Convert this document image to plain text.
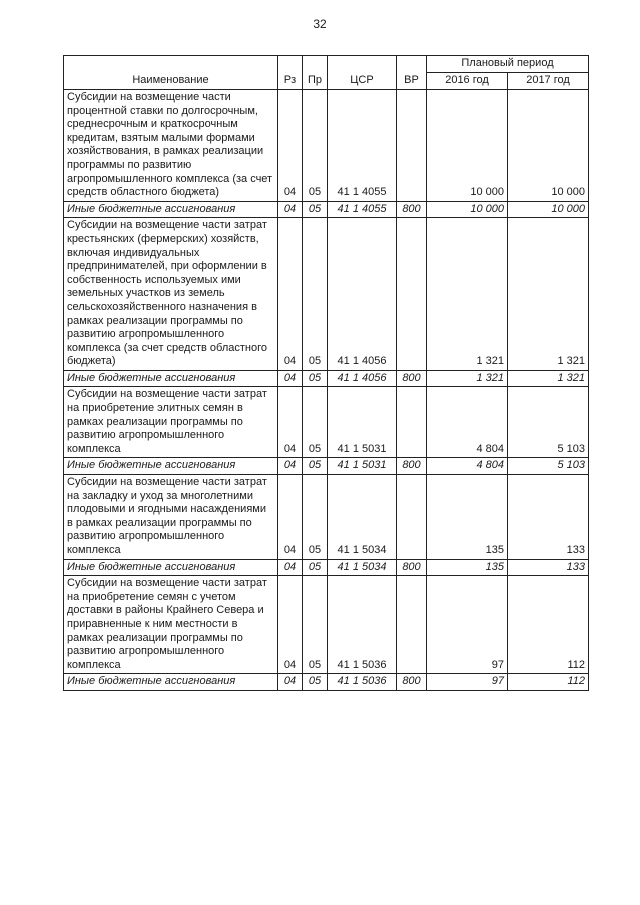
32
Наименование	Рз	Пр	ЦСР	ВР	Плановый период	
					2016 год	2017 год
Субсидии на возмещение части процентной ставки по долгосрочным, среднесрочным и краткосрочным кредитам, взятым малыми формами хозяйствования, в рамках реализации программы по развитию агропромышленного комплекса (за счет средств областного бюджета)	04	05	41 1 4055		10 000	10 000
Иные бюджетные ассигнования	04	05	41 1 4055	800	10 000	10 000
Субсидии на возмещение части затрат крестьянских (фермерских) хозяйств, включая индивидуальных предпринимателей, при оформлении в собственность используемых ими земельных участков из земель сельскохозяйственного назначения в рамках реализации программы по развитию агропромышленного комплекса (за счет средств областного бюджета)	04	05	41 1 4056		1 321	1 321
Иные бюджетные ассигнования	04	05	41 1 4056	800	1 321	1 321
Субсидии на возмещение части затрат на приобретение элитных семян в рамках реализации программы по развитию агропромышленного комплекса	04	05	41 1 5031		4 804	5 103
Иные бюджетные ассигнования	04	05	41 1 5031	800	4 804	5 103
Субсидии на возмещение части затрат на закладку и уход за многолетними плодовыми и ягодными насаждениями в рамках реализации программы по развитию агропромышленного комплекса	04	05	41 1 5034		135	133
Иные бюджетные ассигнования	04	05	41 1 5034	800	135	133
Субсидии на возмещение части затрат на приобретение семян с учетом доставки в районы Крайнего Севера и приравненные к ним местности в рамках реализации программы по развитию агропромышленного комплекса	04	05	41 1 5036		97	112
Иные бюджетные ассигнования	04	05	41 1 5036	800	97	112
